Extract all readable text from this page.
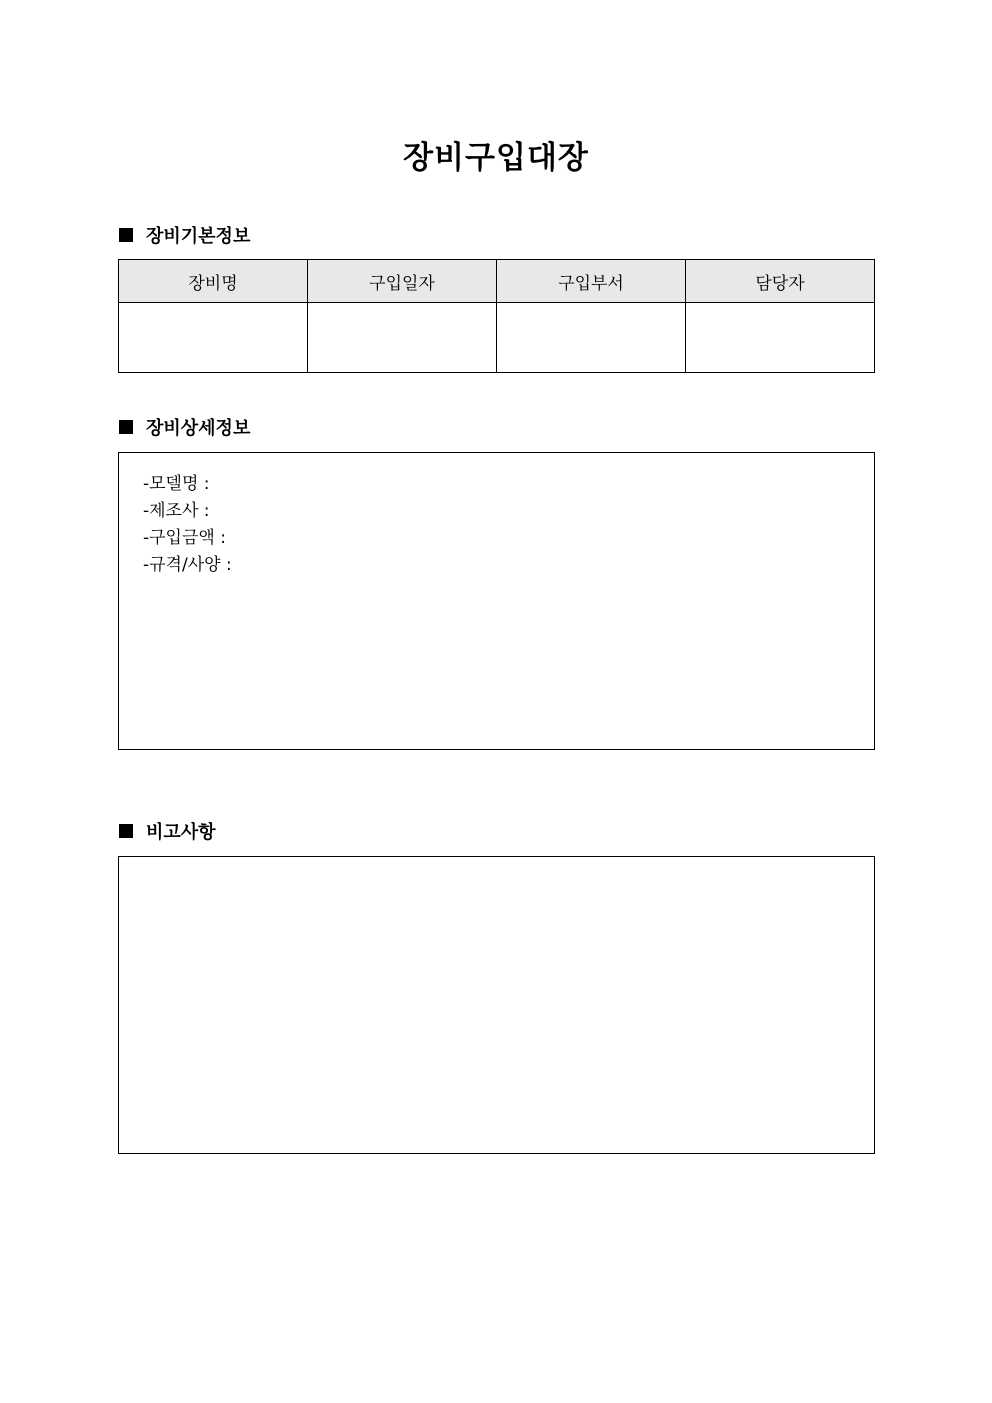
장비구입대장
장비기본정보
장비명	구입일자	구입부서	담당자

장비상세정보
-모델명 :
-제조사 :
-구입금액 :
-규격/사양 :
비고사항
